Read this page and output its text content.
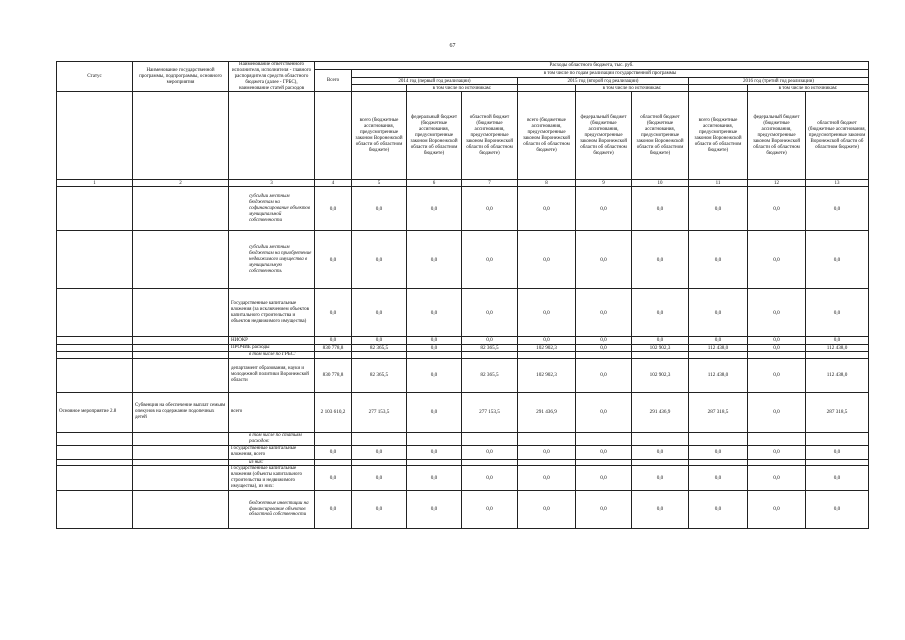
67
Статус	Наименование государственной программы, подпрограммы, основного мероприятия	Наименование ответственного исполнителя, исполнителя - главного распорядителя средств областного бюджета (далее - ГРБС), наименование статей расходов	Расходы областного бюджета, тыс. руб.									
			Всего	в том числе по годам реализации государственной программы								
				2014 год (первый год реализации)			2015 год (второй год реализации)			2016 год (третий год реализации)		
					в том числе по источникам:			в том числе по источникам:			в том числе по источникам:	
				всего (бюджетные ассигнования, предусмотренные законом Воронежской области об областном бюджете)	федеральный бюджет (бюджетные ассигнования, предусмотренные законом Воронежской области об областном бюджете)	областной бюджет (бюджетные ассигнования, предусмотренные законом Воронежской области об областном бюджете)	всего (бюджетные ассигнования, предусмотренные законом Воронежской области об областном бюджете)	федеральный бюджет (бюджетные ассигнования, предусмотренные законом Воронежской области об областном бюджете)	областной бюджет (бюджетные ассигнования, предусмотренные законом Воронежской области об областном бюджете)	всего (бюджетные ассигнования, предусмотренные законом Воронежской области об областном бюджете)	федеральный бюджет (бюджетные ассигнования, предусмотренные законом Воронежской области об областном бюджете)	областной бюджет (бюджетные ассигнования, предусмотренные законом Воронежской области об областном бюджете)
1	2	3	4	5	6	7	8	9	10	11	12	13
		субсидии местным бюджетам на софинансирование объектов муниципальной собственности	0,0	0,0	0,0	0,0	0,0	0,0	0,0	0,0	0,0	0,0
		субсидии местным бюджетам на приобретение недвижимого имущества в муниципальную собственность	0,0	0,0	0,0	0,0	0,0	0,0	0,0	0,0	0,0	0,0
		Государственные капитальные вложения (за исключением объектов капитального строительства и объектов недвижимого имущества)	0,0	0,0	0,0	0,0	0,0	0,0	0,0	0,0	0,0	0,0
		НИОКР	0,0	0,0	0,0	0,0	0,0	0,0	0,0	0,0	0,0	0,0
		ПРОЧИЕ расходы	830 778,8	82 365,5	0,0	82 365,5	102 902,3	0,0	102 902,3	112 438,0	0,0	112 438,0
		в том числе по ГРБС:										
		департамент образования, науки и молодежной политики Воронежской области	830 778,8	82 365,5	0,0	82 365,5	102 902,3	0,0	102 902,3	112 438,0	0,0	112 438,0
Основное мероприятие 2.8	Субвенция на обеспечение выплат семьям опекунов на содержание подопечных детей	всего	2 103 610,2	277 153,5	0,0	277 153,5	291 436,9	0,0	291 436,9	287 318,5	0,0	287 318,5
		в том числе по статьям расходов:										
		Государственные капитальные вложения, всего	0,0	0,0	0,0	0,0	0,0	0,0	0,0	0,0	0,0	0,0
		из них:										
		Государственные капитальные вложения (объекты капитального строительства и недвижимого имущества), из них:	0,0	0,0	0,0	0,0	0,0	0,0	0,0	0,0	0,0	0,0
		бюджетные инвестиции на финансирование объектов областной собственности	0,0	0,0	0,0	0,0	0,0	0,0	0,0	0,0	0,0	0,0
